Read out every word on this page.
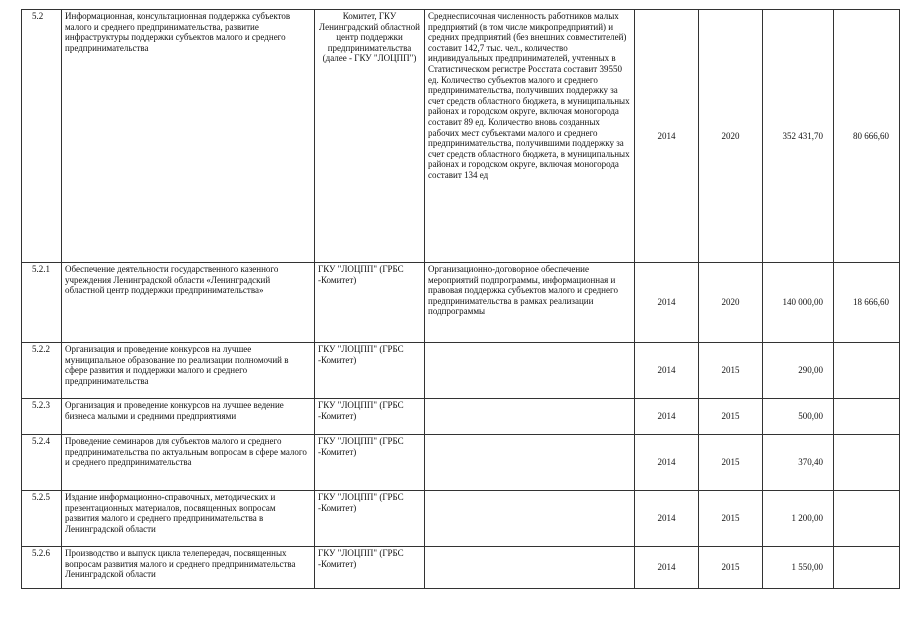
5.2	Информационная, консультационная поддержка субъектов малого и среднего предпринимательства, развитие инфраструктуры поддержки субъектов малого и среднего предпринимательства	Комитет, ГКУ Ленинградский областной центр поддержки предпринимательства (далее - ГКУ "ЛОЦПП")	Среднесписочная численность работников малых предприятий (в том числе микропредприятий) и средних предприятий (без внешних совместителей) составит 142,7 тыс. чел., количество индивидуальных предпринимателей, учтенных в Статистическом регистре Росстата составит 39550 ед. Количество субъектов малого и среднего предпринимательства, получивших поддержку за счет средств областного бюджета, в муниципальных районах и городском округе, включая моногорода составит 89 ед. Количество вновь созданных рабочих мест субъектами малого и среднего предпринимательства, получившими поддержку за счет средств областного бюджета, в муниципальных районах и городском округе, включая моногорода составит 134 ед	2014	2020	352 431,70	80 666,60
5.2.1	Обеспечение деятельности государственного казенного учреждения Ленинградской области «Ленинградский областной центр поддержки предпринимательства»	ГКУ "ЛОЦПП" (ГРБС -Комитет)	Организационно-договорное обеспечение мероприятий подпрограммы, информационная и правовая поддержка субъектов малого и среднего предпринимательства в рамках реализации подпрограммы	2014	2020	140 000,00	18 666,60
5.2.2	Организация и проведение конкурсов на лучшее муниципальное образование по реализации полномочий в сфере развития и поддержки малого и среднего предпринимательства	ГКУ "ЛОЦПП" (ГРБС -Комитет)		2014	2015	290,00	
5.2.3	Организация и проведение конкурсов на лучшее ведение бизнеса малыми и средними предприятиями	ГКУ "ЛОЦПП" (ГРБС -Комитет)		2014	2015	500,00	
5.2.4	Проведение семинаров для субъектов малого и среднего предпринимательства по актуальным вопросам в сфере малого и среднего предпринимательства	ГКУ "ЛОЦПП" (ГРБС -Комитет)		2014	2015	370,40	
5.2.5	Издание информационно-справочных, методических и презентационных материалов, посвященных вопросам развития малого и среднего предпринимательства в Ленинградской области	ГКУ "ЛОЦПП" (ГРБС -Комитет)		2014	2015	1 200,00	
5.2.6	Производство и выпуск цикла телепередач, посвященных вопросам развития малого и среднего предпринимательства Ленинградской области	ГКУ "ЛОЦПП" (ГРБС -Комитет)		2014	2015	1 550,00	
